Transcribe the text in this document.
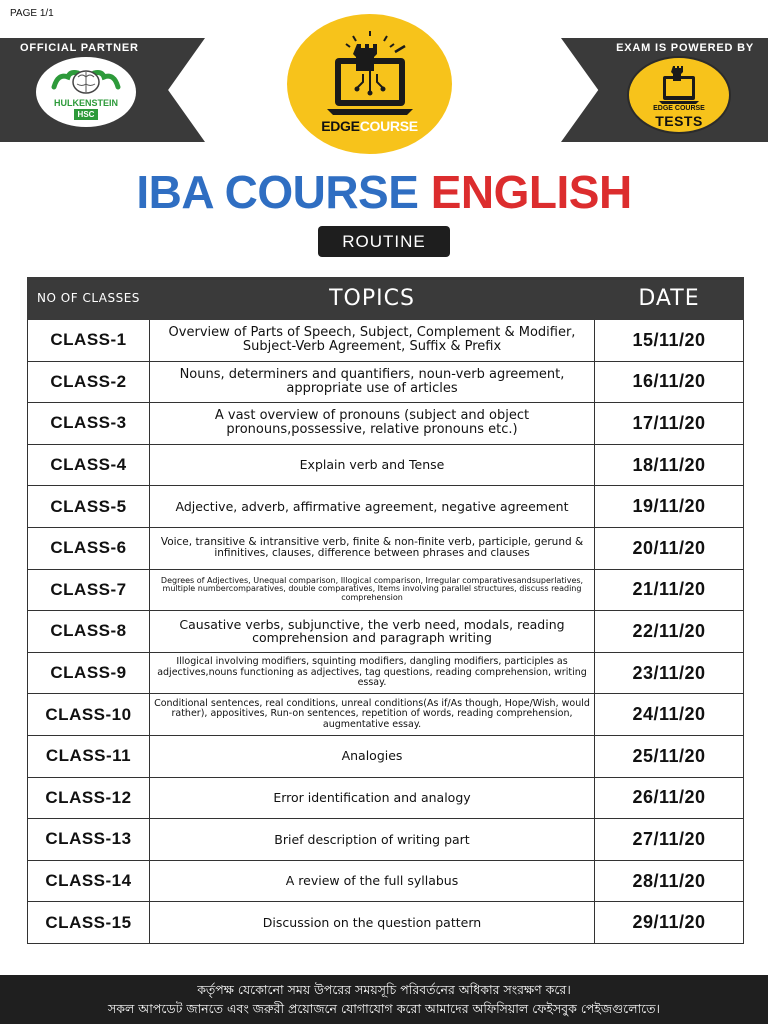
PAGE 1/1
OFFICIAL PARTNER
HULKENSTEIN
HSC
EDGECOURSE
EXAM IS POWERED BY
EDGE COURSE
TESTS
IBA COURSE ENGLISH
ROUTINE
NO OF CLASSES	TOPICS	DATE
CLASS-1	Overview of Parts of Speech, Subject, Complement & Modifier, Subject-Verb Agreement, Suffix & Prefix	15/11/20
CLASS-2	Nouns, determiners and quantifiers, noun-verb agreement, appropriate use of articles	16/11/20
CLASS-3	A vast overview of pronouns (subject and object pronouns,possessive, relative pronouns etc.)	17/11/20
CLASS-4	Explain verb and Tense	18/11/20
CLASS-5	Adjective, adverb, affirmative agreement, negative agreement	19/11/20
CLASS-6	Voice, transitive & intransitive verb, finite & non-finite verb, participle, gerund & infinitives, clauses, difference between phrases and clauses	20/11/20
CLASS-7	Degrees of Adjectives, Unequal comparison, Illogical comparison, Irregular comparativesandsuperlatives, multiple numbercomparatives, double comparatives, Items involving parallel structures, discuss reading comprehension	21/11/20
CLASS-8	Causative verbs, subjunctive, the verb need, modals, reading comprehension and paragraph writing	22/11/20
CLASS-9	Illogical involving modifiers, squinting modifiers, dangling modifiers, participles as adjectives,nouns functioning as adjectives, tag questions, reading comprehension, writing essay.	23/11/20
CLASS-10	Conditional sentences, real conditions, unreal conditions(As if/As though, Hope/Wish, would rather), appositives, Run-on sentences, repetition of words, reading comprehension, augmentative essay.	24/11/20
CLASS-11	Analogies	25/11/20
CLASS-12	Error identification and analogy	26/11/20
CLASS-13	Brief description of writing part	27/11/20
CLASS-14	A review of the full syllabus	28/11/20
CLASS-15	Discussion on the question pattern	29/11/20
কর্তৃপক্ষ যেকোনো সময় উপরের সময়সূচি পরিবর্তনের অধিকার সংরক্ষণ করে।
সকল আপডেট জানতে এবং জরুরী প্রয়োজনে যোগাযোগ করো আমাদের অফিসিয়াল ফেইসবুক পেইজগুলোতে।
